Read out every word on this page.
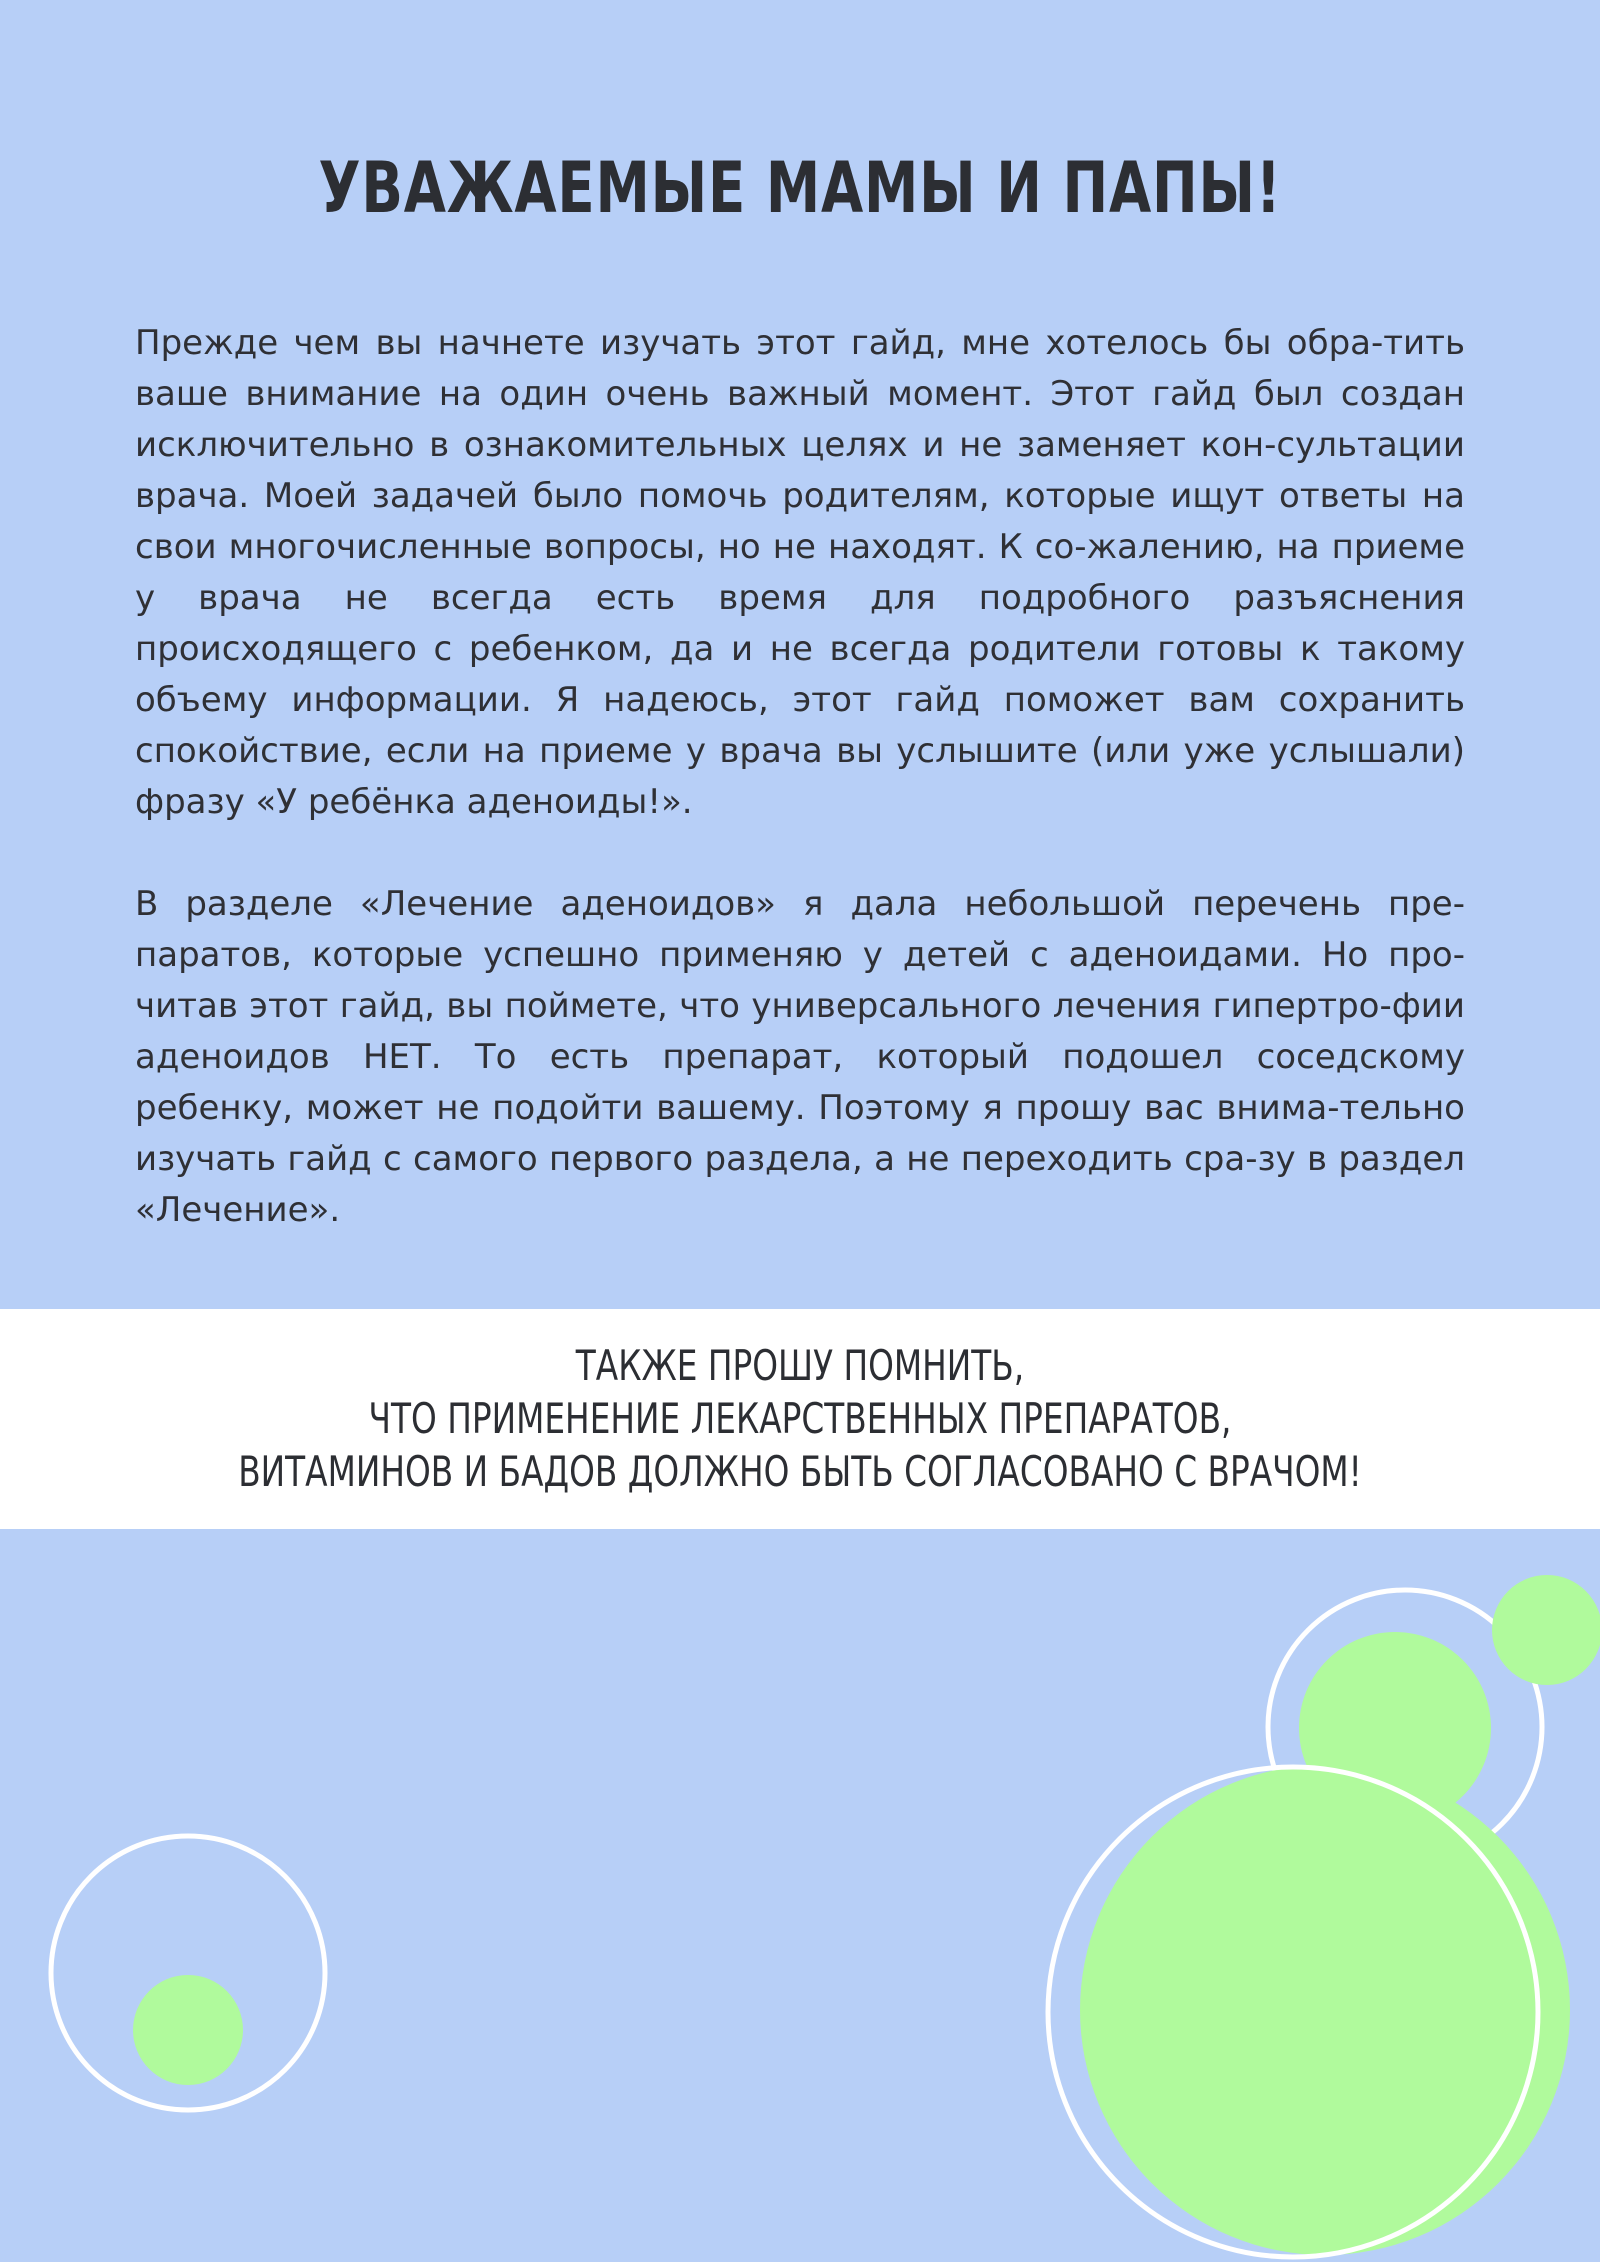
УВАЖАЕМЫЕ МАМЫ И ПАПЫ!

Прежде чем вы начнете изучать этот гайд, мне хотелось бы обра-тить ваше внимание на один очень важный момент. Этот гайд был создан исключительно в ознакомительных целях и не заменяет кон-сультации врача. Моей задачей было помочь родителям, которые ищут ответы на свои многочисленные вопросы, но не находят. К со-жалению, на приеме у врача не всегда есть время для подробного разъяснения происходящего с ребенком, да и не всегда родители готовы к такому объему информации. Я надеюсь, этот гайд поможет вам сохранить спокойствие, если на приеме у врача вы услышите (или уже услышали) фразу «У ребёнка аденоиды!».

В разделе «Лечение аденоидов» я дала небольшой перечень пре-паратов, которые успешно применяю у детей с аденоидами. Но про-читав этот гайд, вы поймете, что универсального лечения гипертро-фии аденоидов НЕТ. То есть препарат, который подошел соседскому ребенку, может не подойти вашему. Поэтому я прошу вас внима-тельно изучать гайд с самого первого раздела, а не переходить сра-зу в раздел «Лечение».

ТАКЖЕ ПРОШУ ПОМНИТЬ,
ЧТО ПРИМЕНЕНИЕ ЛЕКАРСТВЕННЫХ ПРЕПАРАТОВ,
ВИТАМИНОВ И БАДОВ ДОЛЖНО БЫТЬ СОГЛАСОВАНО С ВРАЧОМ!
